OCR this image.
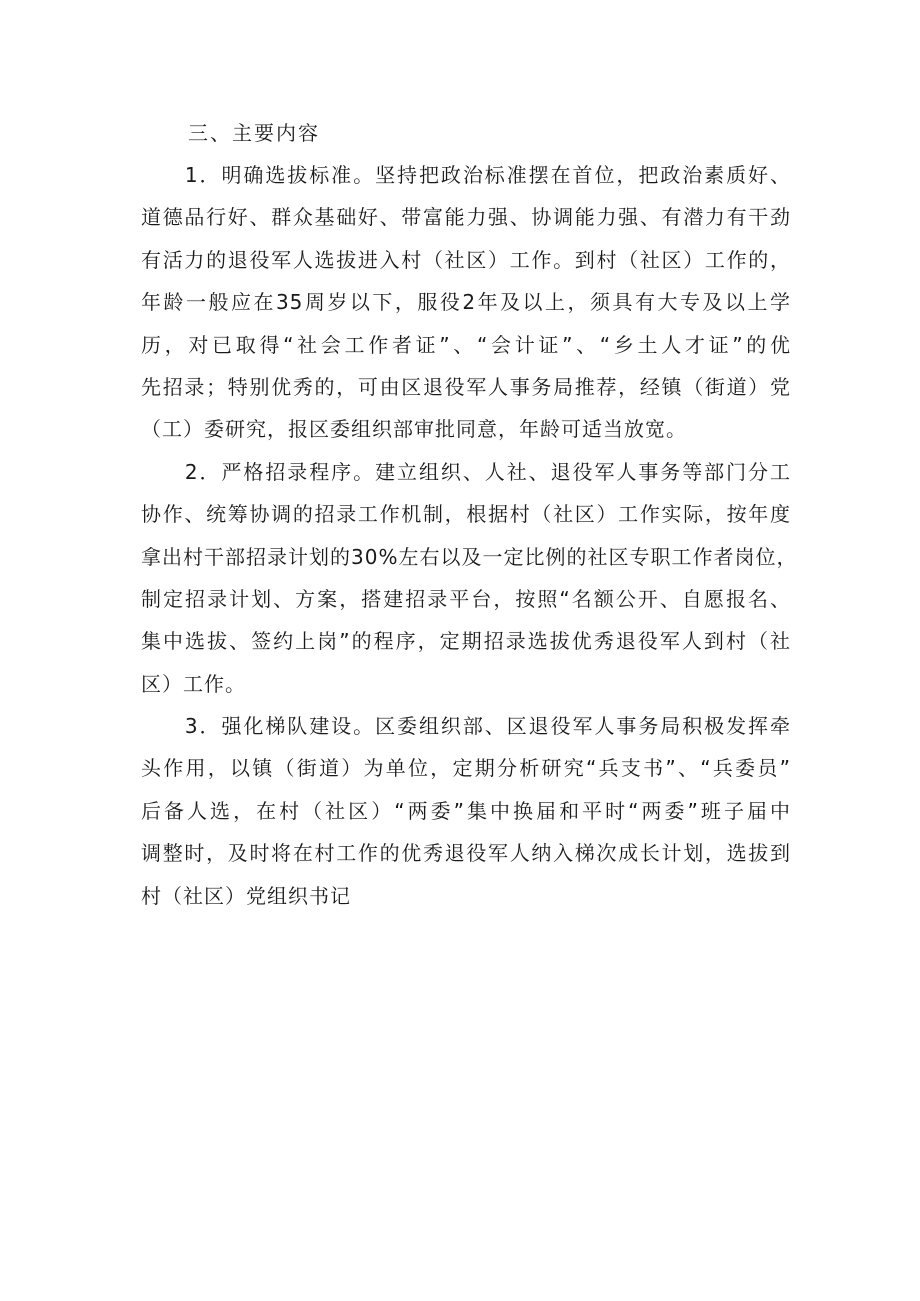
三、主要内容

　　1．明确选拔标准。坚持把政治标准摆在首位，把政治素质好、
道德品行好、群众基础好、带富能力强、协调能力强、有潜力有干劲
有活力的退役军人选拔进入村（社区）工作。到村（社区）工作的，
年龄一般应在35周岁以下，服役2年及以上，须具有大专及以上学
历，对已取得“社会工作者证”、“会计证”、“乡土人才证”的优
先招录；特别优秀的，可由区退役军人事务局推荐，经镇（街道）党
（工）委研究，报区委组织部审批同意，年龄可适当放宽。

　　2．严格招录程序。建立组织、人社、退役军人事务等部门分工
协作、统筹协调的招录工作机制，根据村（社区）工作实际，按年度
拿出村干部招录计划的30%左右以及一定比例的社区专职工作者岗位，
制定招录计划、方案，搭建招录平台，按照“名额公开、自愿报名、
集中选拔、签约上岗”的程序，定期招录选拔优秀退役军人到村（社
区）工作。

　　3．强化梯队建设。区委组织部、区退役军人事务局积极发挥牵
头作用，以镇（街道）为单位，定期分析研究“兵支书”、“兵委员”
后备人选，在村（社区）“两委”集中换届和平时“两委”班子届中
调整时，及时将在村工作的优秀退役军人纳入梯次成长计划，选拔到
村（社区）党组织书记
